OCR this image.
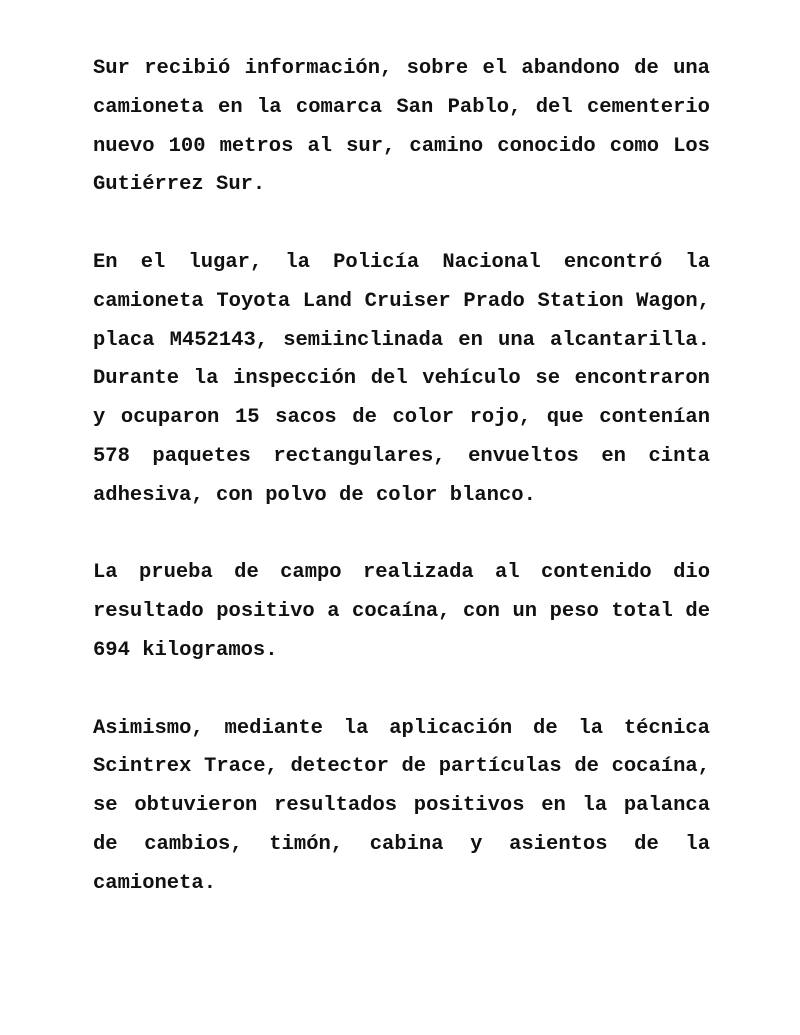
Sur recibió información, sobre el abandono de una camioneta en la comarca San Pablo, del cementerio nuevo 100 metros al sur, camino conocido como Los Gutiérrez Sur.

En el lugar, la Policía Nacional encontró la camioneta Toyota Land Cruiser Prado Station Wagon, placa M452143, semiinclinada en una alcantarilla. Durante la inspección del vehículo se encontraron y ocuparon 15 sacos de color rojo, que contenían 578 paquetes rectangulares, envueltos en cinta adhesiva, con polvo de color blanco.

La prueba de campo realizada al contenido dio resultado positivo a cocaína, con un peso total de 694 kilogramos.

Asimismo, mediante la aplicación de la técnica Scintrex Trace, detector de partículas de cocaína, se obtuvieron resultados positivos en la palanca de cambios, timón, cabina y asientos de la camioneta.
